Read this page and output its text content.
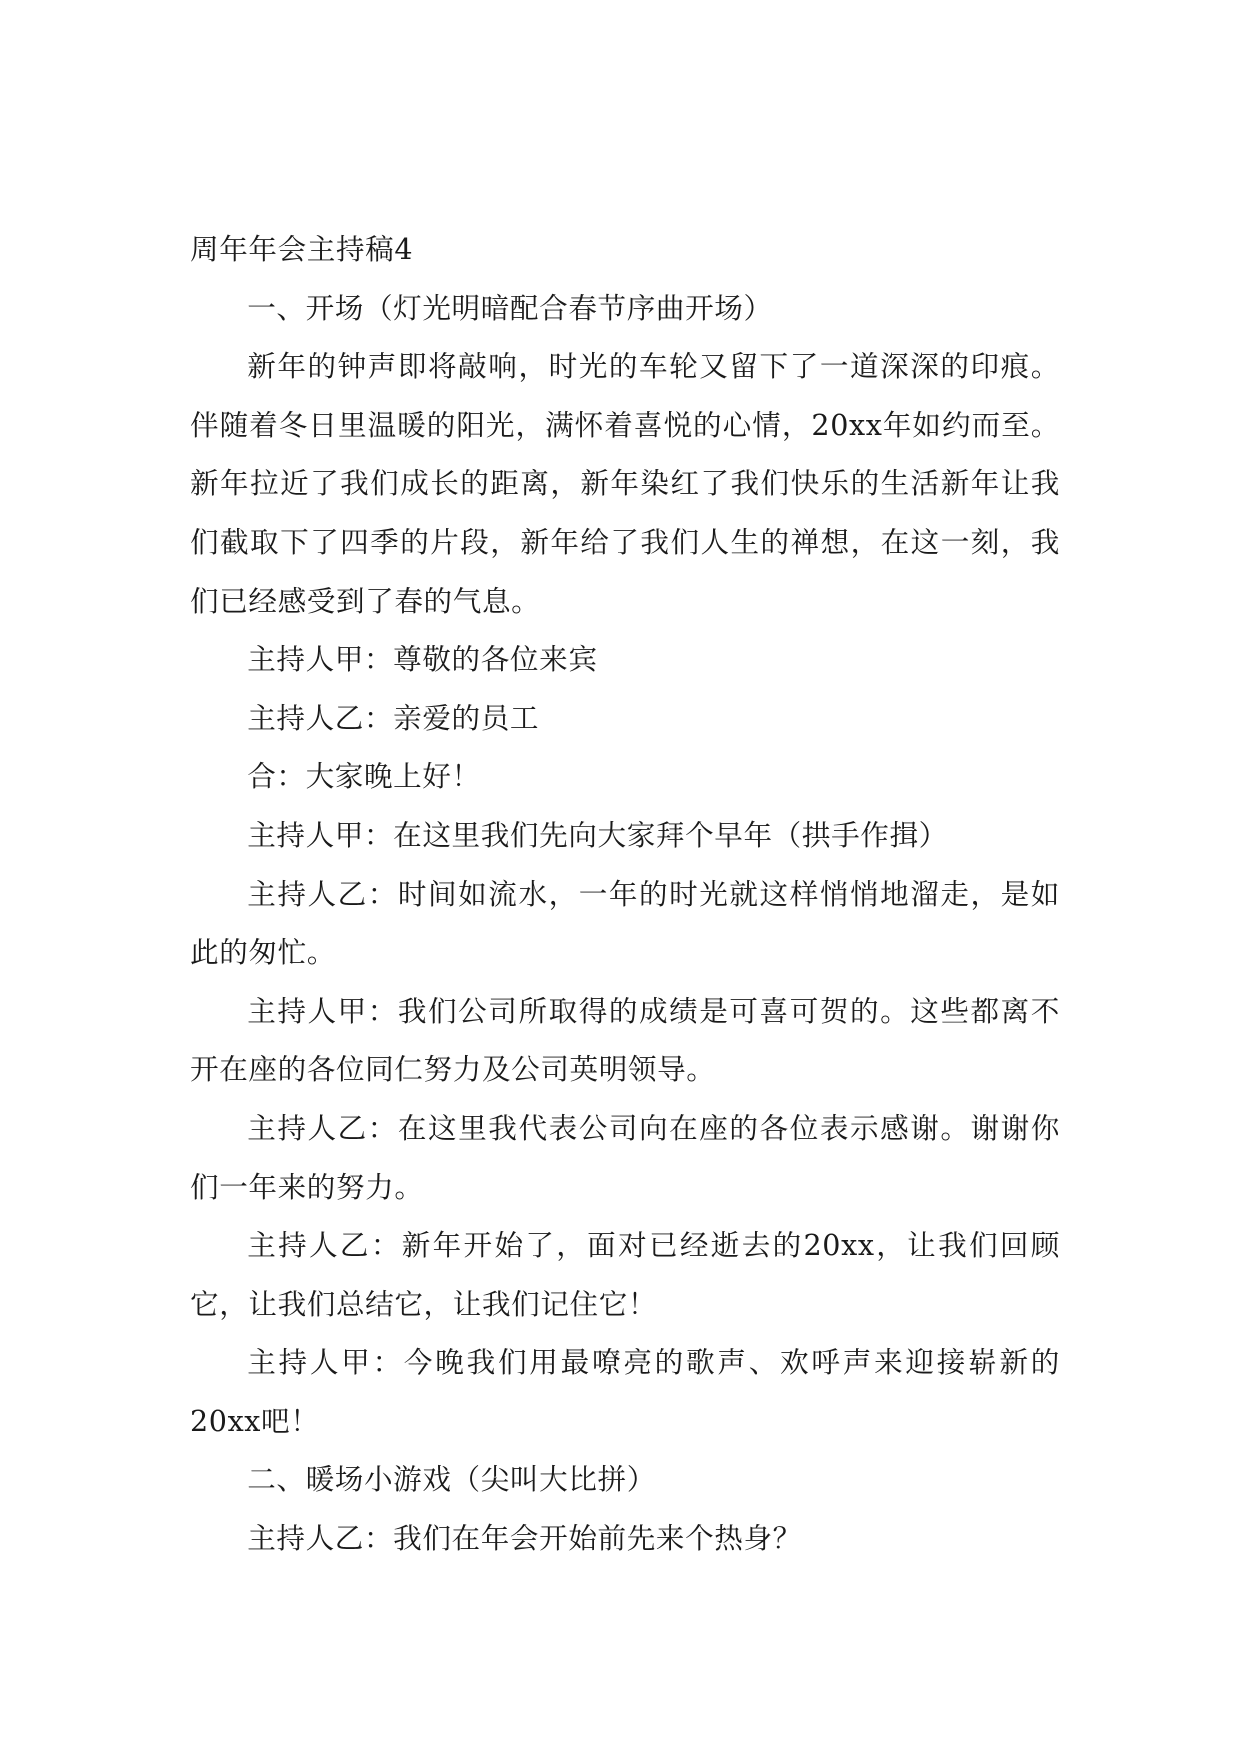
周年年会主持稿4

一、开场（灯光明暗配合春节序曲开场）

新年的钟声即将敲响，时光的车轮又留下了一道深深的印痕。伴随着冬日里温暖的阳光，满怀着喜悦的心情，20xx年如约而至。新年拉近了我们成长的距离，新年染红了我们快乐的生活新年让我们截取下了四季的片段，新年给了我们人生的禅想，在这一刻，我们已经感受到了春的气息。

主持人甲：尊敬的各位来宾

主持人乙：亲爱的员工

合：大家晚上好！

主持人甲：在这里我们先向大家拜个早年（拱手作揖）

主持人乙：时间如流水，一年的时光就这样悄悄地溜走，是如此的匆忙。

主持人甲：我们公司所取得的成绩是可喜可贺的。这些都离不开在座的各位同仁努力及公司英明领导。

主持人乙：在这里我代表公司向在座的各位表示感谢。谢谢你们一年来的努力。

主持人乙：新年开始了，面对已经逝去的20xx，让我们回顾它，让我们总结它，让我们记住它！

主持人甲：今晚我们用最嘹亮的歌声、欢呼声来迎接崭新的20xx吧！

二、暖场小游戏（尖叫大比拼）

主持人乙：我们在年会开始前先来个热身？
